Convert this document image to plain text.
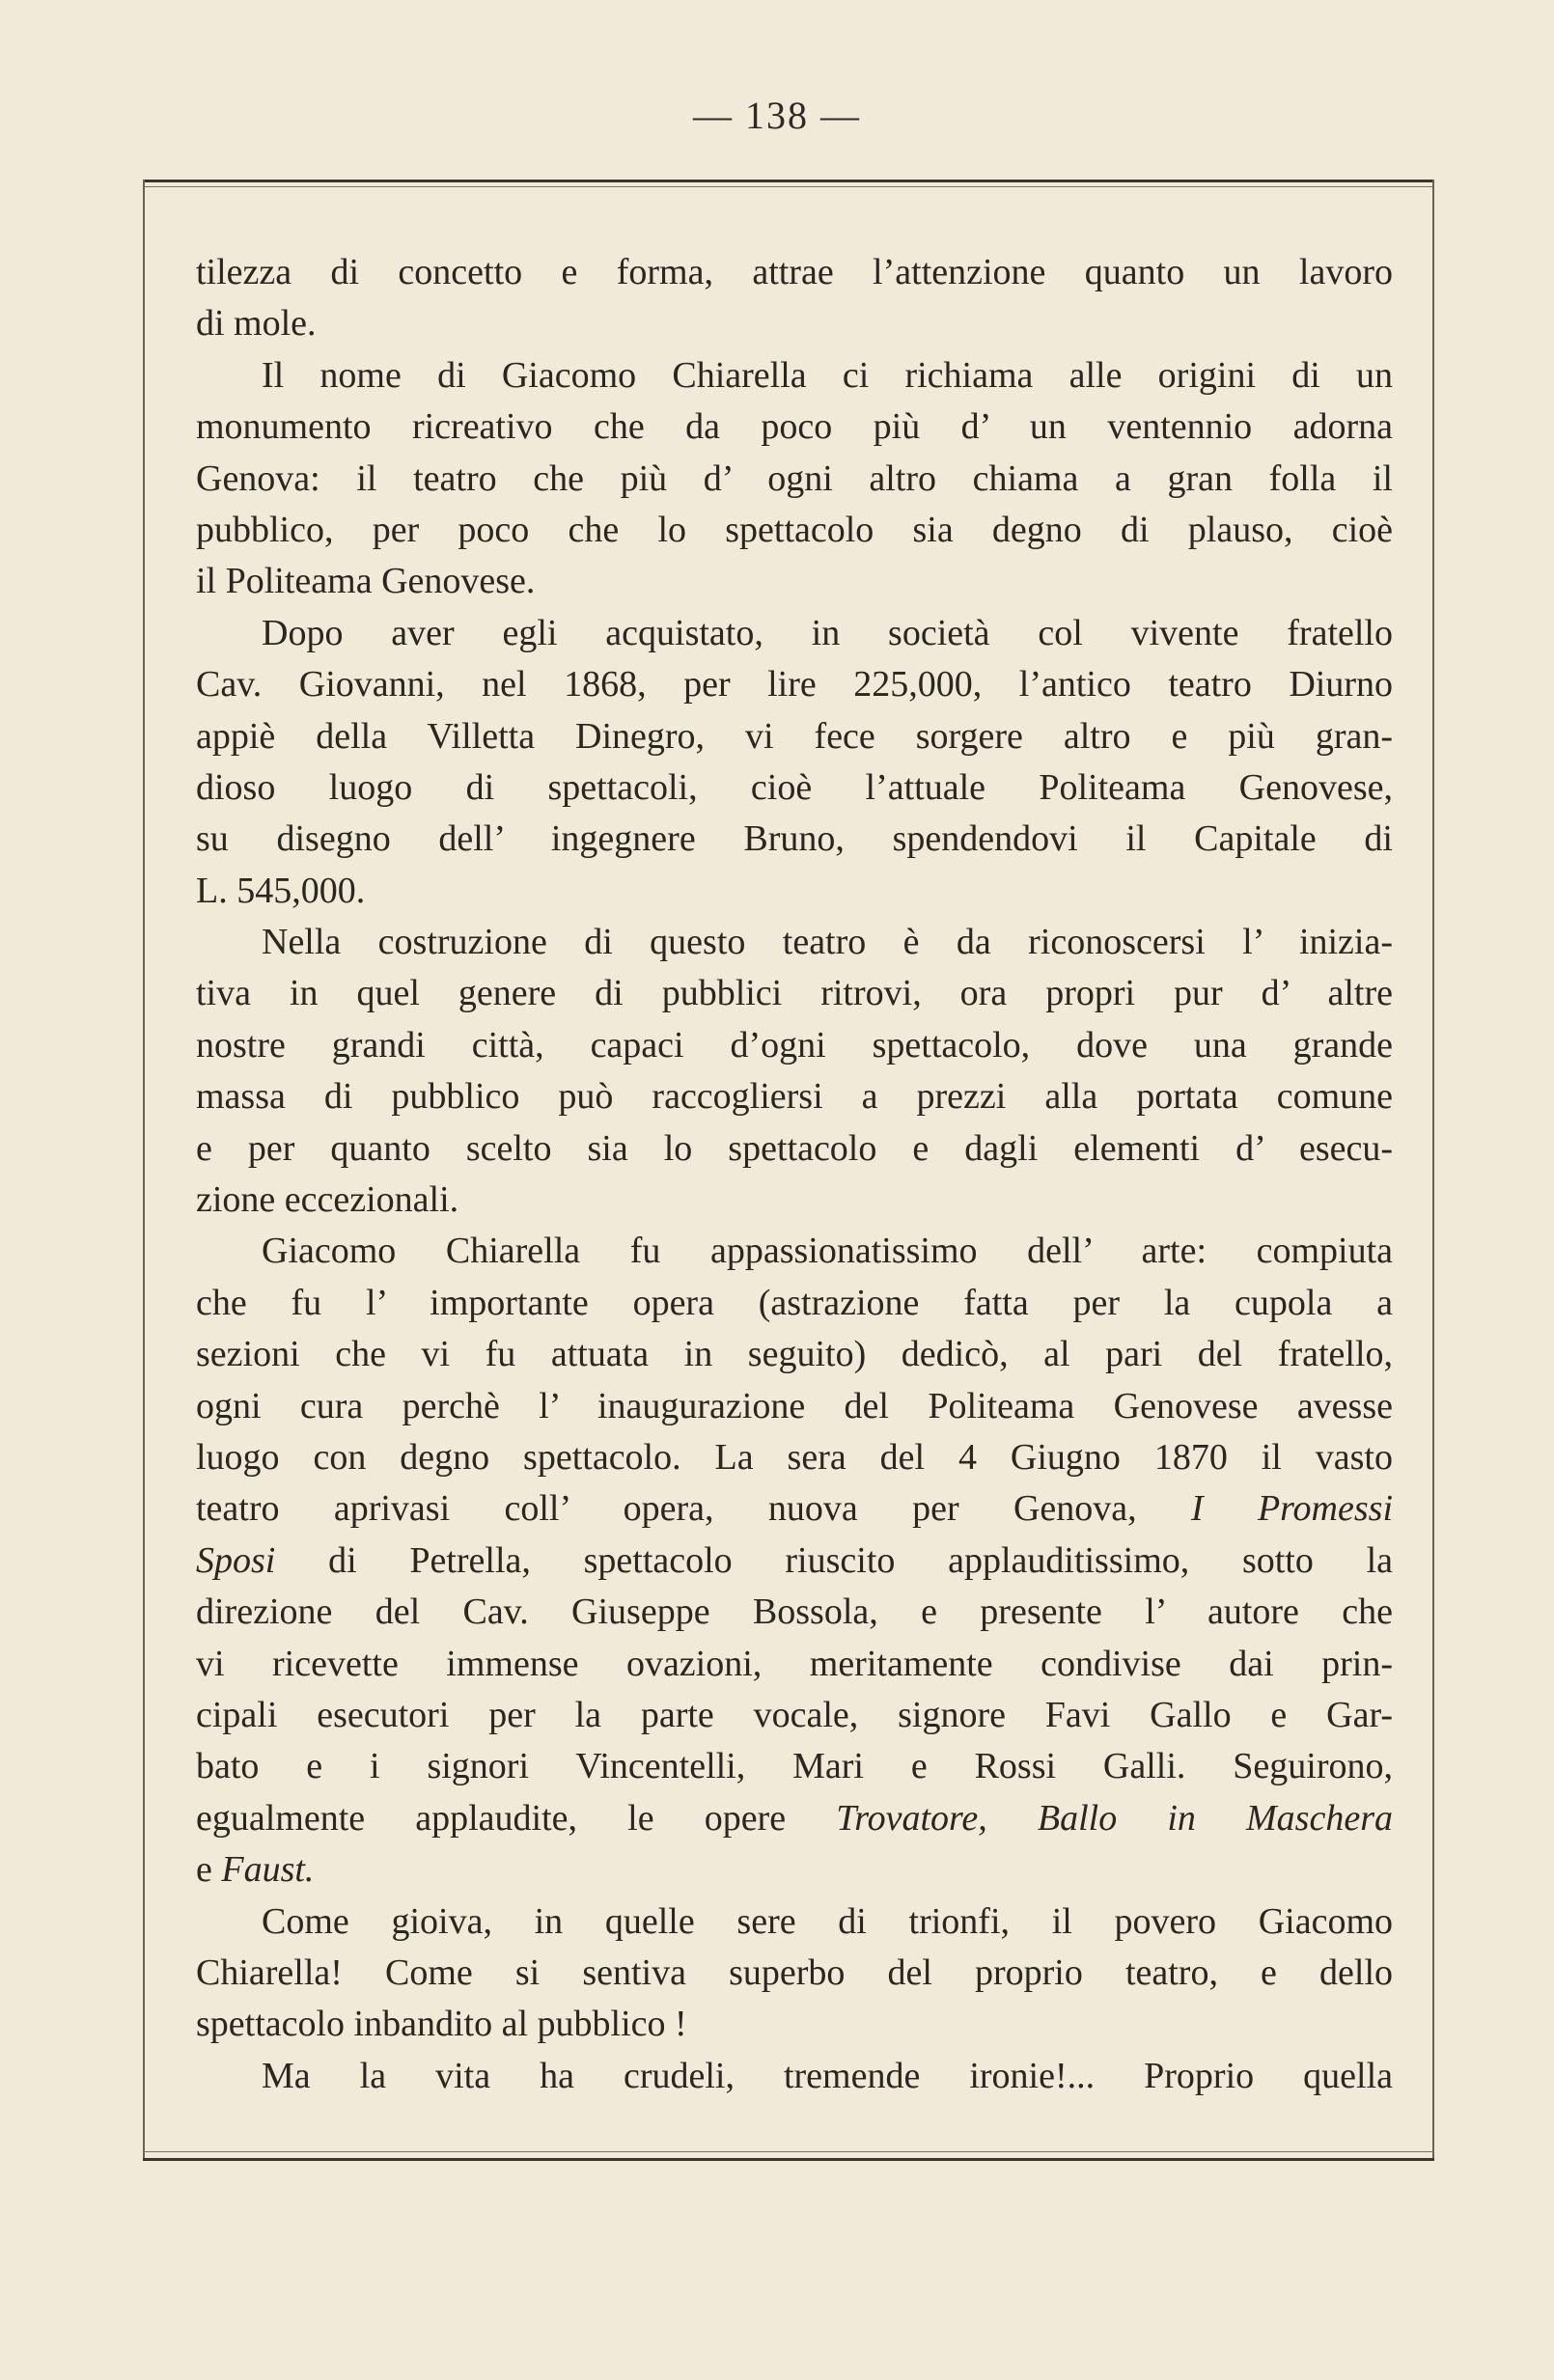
— 138 —
tilezza di concetto e forma, attrae l’attenzione quanto un lavoro
di mole.
Il nome di Giacomo Chiarella ci richiama alle origini di un
monumento ricreativo che da poco più d’ un ventennio adorna
Genova: il teatro che più d’ ogni altro chiama a gran folla il
pubblico, per poco che lo spettacolo sia degno di plauso, cioè
il Politeama Genovese.
Dopo aver egli acquistato, in società col vivente fratello
Cav. Giovanni, nel 1868, per lire 225,000, l’antico teatro Diurno
appiè della Villetta Dinegro, vi fece sorgere altro e più gran-
dioso luogo di spettacoli, cioè l’attuale Politeama Genovese,
su disegno dell’ ingegnere Bruno, spendendovi il Capitale di
L. 545,000.
Nella costruzione di questo teatro è da riconoscersi l’ inizia-
tiva in quel genere di pubblici ritrovi, ora propri pur d’ altre
nostre grandi città, capaci d’ogni spettacolo, dove una grande
massa di pubblico può raccogliersi a prezzi alla portata comune
e per quanto scelto sia lo spettacolo e dagli elementi d’ esecu-
zione eccezionali.
Giacomo Chiarella fu appassionatissimo dell’ arte: compiuta
che fu l’ importante opera (astrazione fatta per la cupola a
sezioni che vi fu attuata in seguito) dedicò, al pari del fratello,
ogni cura perchè l’ inaugurazione del Politeama Genovese avesse
luogo con degno spettacolo. La sera del 4 Giugno 1870 il vasto
teatro aprivasi coll’ opera, nuova per Genova, I Promessi
Sposi di Petrella, spettacolo riuscito applauditissimo, sotto la
direzione del Cav. Giuseppe Bossola, e presente l’ autore che
vi ricevette immense ovazioni, meritamente condivise dai prin-
cipali esecutori per la parte vocale, signore Favi Gallo e Gar-
bato e i signori Vincentelli, Mari e Rossi Galli. Seguirono,
egualmente applaudite, le opere Trovatore, Ballo in Maschera
e Faust.
Come gioiva, in quelle sere di trionfi, il povero Giacomo
Chiarella! Come si sentiva superbo del proprio teatro, e dello
spettacolo inbandito al pubblico !
Ma la vita ha crudeli, tremende ironie!... Proprio quella
